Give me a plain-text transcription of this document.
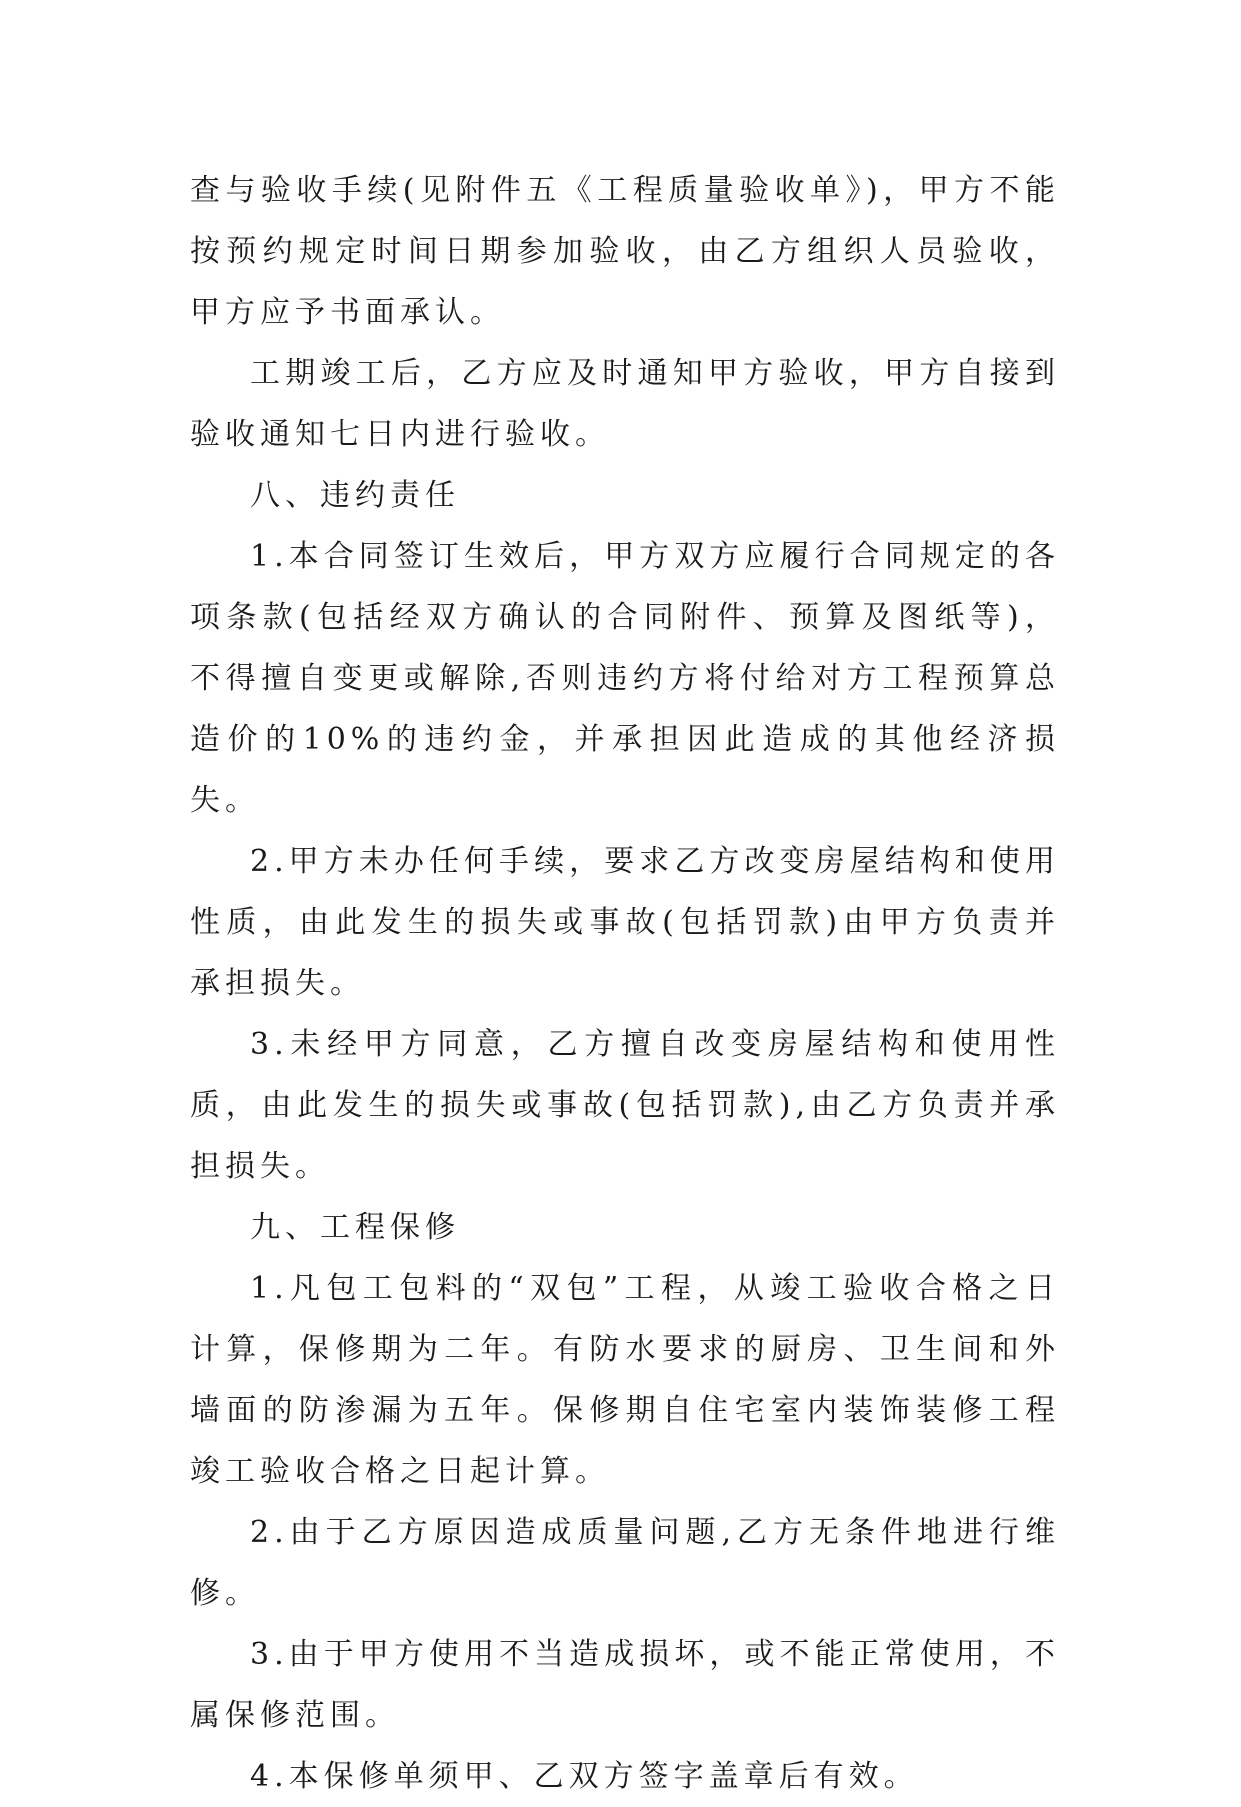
查与验收手续(见附件五《工程质量验收单》)，甲方不能按预约规定时间日期参加验收，由乙方组织人员验收，甲方应予书面承认。

工期竣工后，乙方应及时通知甲方验收，甲方自接到验收通知七日内进行验收。

八、违约责任

1.本合同签订生效后，甲方双方应履行合同规定的各项条款(包括经双方确认的合同附件、预算及图纸等)，不得擅自变更或解除,否则违约方将付给对方工程预算总造价的10%的违约金，并承担因此造成的其他经济损失。

2.甲方未办任何手续，要求乙方改变房屋结构和使用性质，由此发生的损失或事故(包括罚款)由甲方负责并承担损失。

3.未经甲方同意，乙方擅自改变房屋结构和使用性质，由此发生的损失或事故(包括罚款),由乙方负责并承担损失。

九、工程保修

1.凡包工包料的“双包”工程，从竣工验收合格之日计算，保修期为二年。有防水要求的厨房、卫生间和外墙面的防渗漏为五年。保修期自住宅室内装饰装修工程竣工验收合格之日起计算。

2.由于乙方原因造成质量问题,乙方无条件地进行维修。

3.由于甲方使用不当造成损坏，或不能正常使用，不属保修范围。

4.本保修单须甲、乙双方签字盖章后有效。
